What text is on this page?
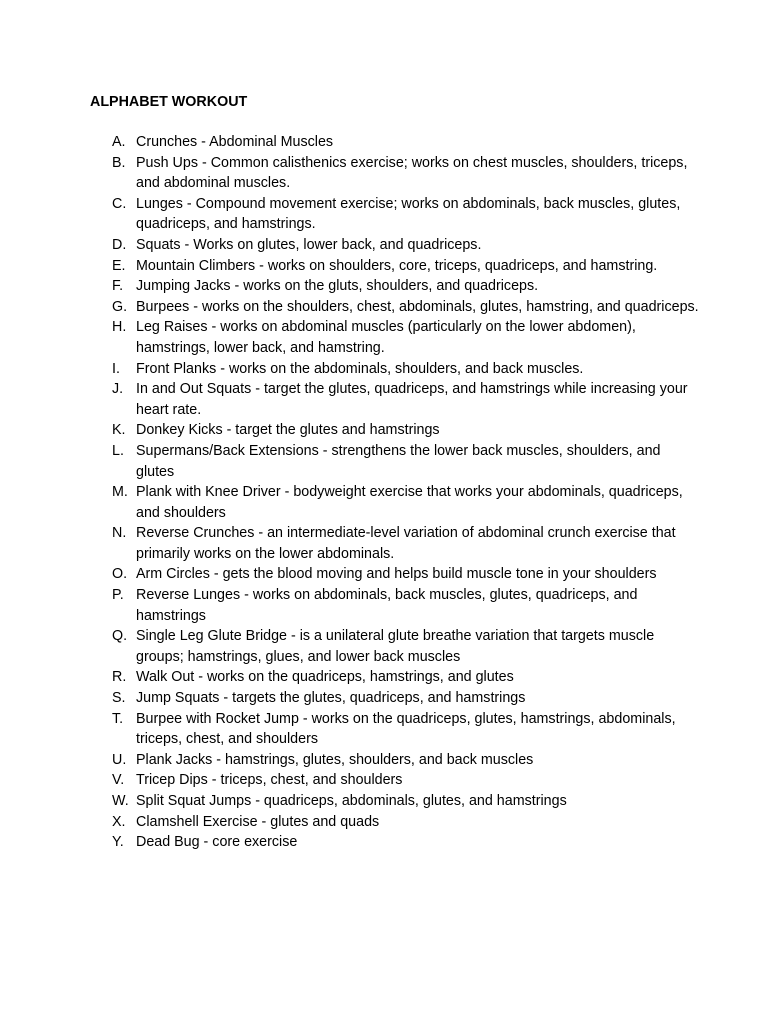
ALPHABET WORKOUT
A. Crunches - Abdominal Muscles
B. Push Ups - Common calisthenics exercise; works on chest muscles, shoulders, triceps, and abdominal muscles.
C. Lunges - Compound movement exercise; works on abdominals, back muscles, glutes, quadriceps, and hamstrings.
D. Squats - Works on glutes, lower back, and quadriceps.
E. Mountain Climbers - works on shoulders, core, triceps, quadriceps, and hamstring.
F. Jumping Jacks - works on the gluts, shoulders, and quadriceps.
G. Burpees - works on the shoulders, chest, abdominals, glutes, hamstring, and quadriceps.
H. Leg Raises - works on abdominal muscles (particularly on the lower abdomen), hamstrings, lower back, and hamstring.
I. Front Planks - works on the abdominals, shoulders, and back muscles.
J. In and Out Squats - target the glutes, quadriceps, and hamstrings while increasing your heart rate.
K. Donkey Kicks - target the glutes and hamstrings
L. Supermans/Back Extensions - strengthens the lower back muscles, shoulders, and glutes
M. Plank with Knee Driver - bodyweight exercise that works your abdominals, quadriceps, and shoulders
N. Reverse Crunches - an intermediate-level variation of abdominal crunch exercise that primarily works on the lower abdominals.
O. Arm Circles - gets the blood moving and helps build muscle tone in your shoulders
P. Reverse Lunges - works on abdominals, back muscles, glutes, quadriceps, and hamstrings
Q. Single Leg Glute Bridge - is a unilateral glute breathe variation that targets muscle groups; hamstrings, glues, and lower back muscles
R. Walk Out - works on the quadriceps, hamstrings, and glutes
S. Jump Squats - targets the glutes, quadriceps, and hamstrings
T. Burpee with Rocket Jump - works on the quadriceps, glutes, hamstrings, abdominals, triceps, chest, and shoulders
U. Plank Jacks - hamstrings, glutes, shoulders, and back muscles
V. Tricep Dips - triceps, chest, and shoulders
W. Split Squat Jumps - quadriceps, abdominals, glutes, and hamstrings
X. Clamshell Exercise - glutes and quads
Y. Dead Bug - core exercise
